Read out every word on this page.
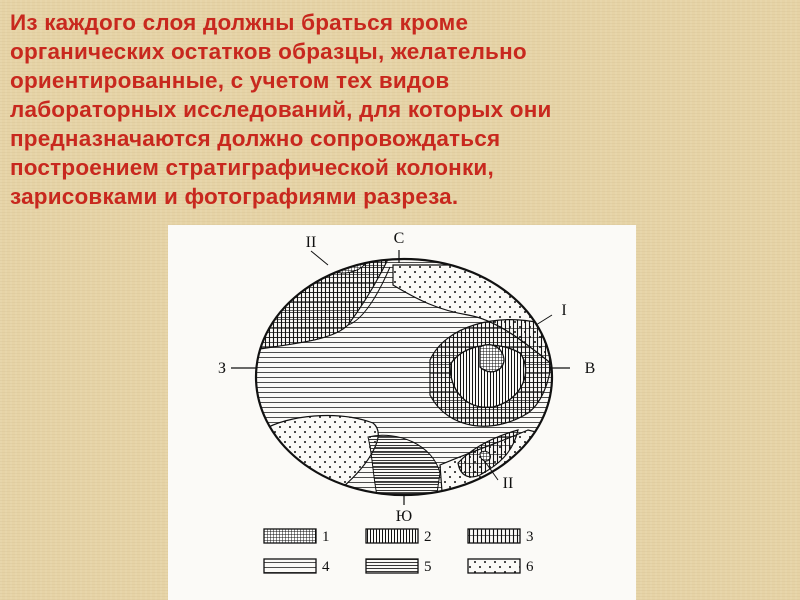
Из каждого слоя должны браться кроме
органических остатков образцы, желательно
ориентированные, с учетом тех видов
лабораторных исследований, для которых они
предназначаются должно сопровождаться
построением стратиграфической колонки,
зарисовками и фотографиями разреза.
С
З	В
Ю
II
I
II
1	2	3
4	5	6
